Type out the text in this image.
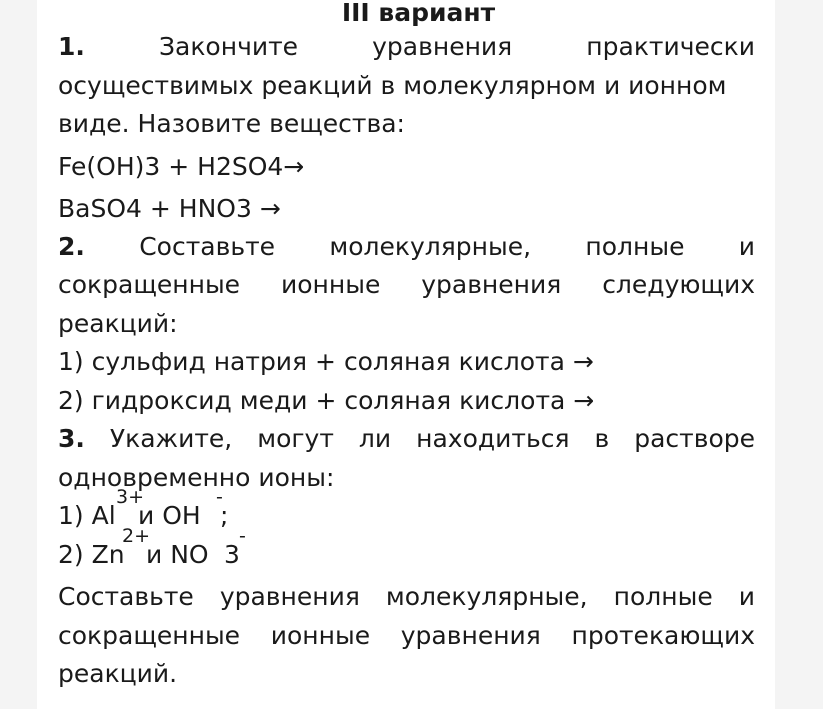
III вариант
1.	Закончите	уравнения	практически
осуществимых реакций в молекулярном и ионном
виде. Назовите вещества:
Fe(OH)3 + H2SO4→
BaSO4 + HNO3 →
2. Составьте молекулярные, полные и
сокращенные ионные уравнения следующих
реакций:
1) сульфид натрия + соляная кислота →
2) гидроксид меди + соляная кислота →
3. Укажите, могут ли находиться в растворе
одновременно ионы:
1) Al
3+
и OH
-
;
2) Zn
2+
и NO 3
-
Составьте уравнения молекулярные, полные и
сокращенные ионные уравнения протекающих
реакций.
